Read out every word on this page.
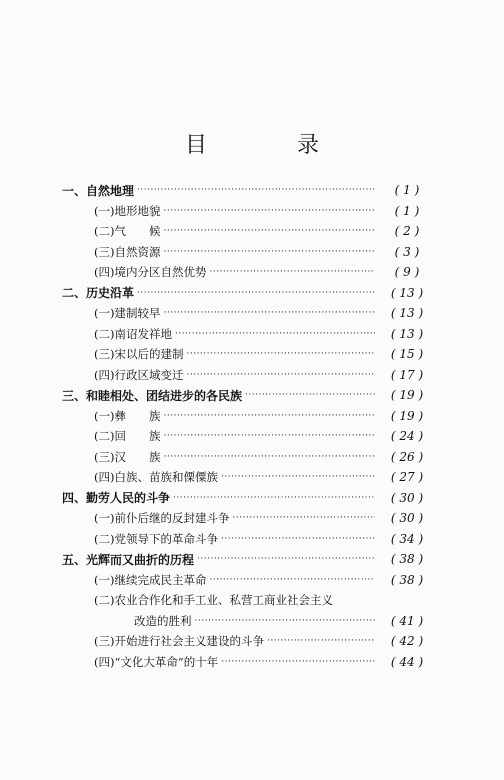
目　录
一、 自然地理 ·····	( 1 )
(一) 地形地貌 ·····	( 1 )
(二) 气　　候 ·····	( 2 )
(三) 自然资源 ·····	( 3 )
(四) 境内分区自然优势 ·····	( 9 )
二、 历史沿革 ·····	( 13 )
(一) 建制较早 ·····	( 13 )
(二) 南诏发祥地 ·····	( 13 )
(三) 宋以后的建制 ·····	( 15 )
(四) 行政区域变迁 ·····	( 17 )
三、 和睦相处、团结进步的各民族 ·····	( 19 )
(一) 彝　　族 ·····	( 19 )
(二) 回　　族 ·····	( 24 )
(三) 汉　　族 ·····	( 26 )
(四) 白族、苗族和傈僳族 ·····	( 27 )
四、 勤劳人民的斗争 ·····	( 30 )
(一) 前仆后继的反封建斗争 ·····	( 30 )
(二) 党领导下的革命斗争 ·····	( 34 )
五、 光辉而又曲折的历程 ·····	( 38 )
(一) 继续完成民主革命 ·····	( 38 )
(二) 农业合作化和手工业、私营工商业社会主义
改造的胜利 ·····	( 41 )
(三) 开始进行社会主义建设的斗争 ·····	( 42 )
(四) “文化大革命”的十年 ·····	( 44 )
